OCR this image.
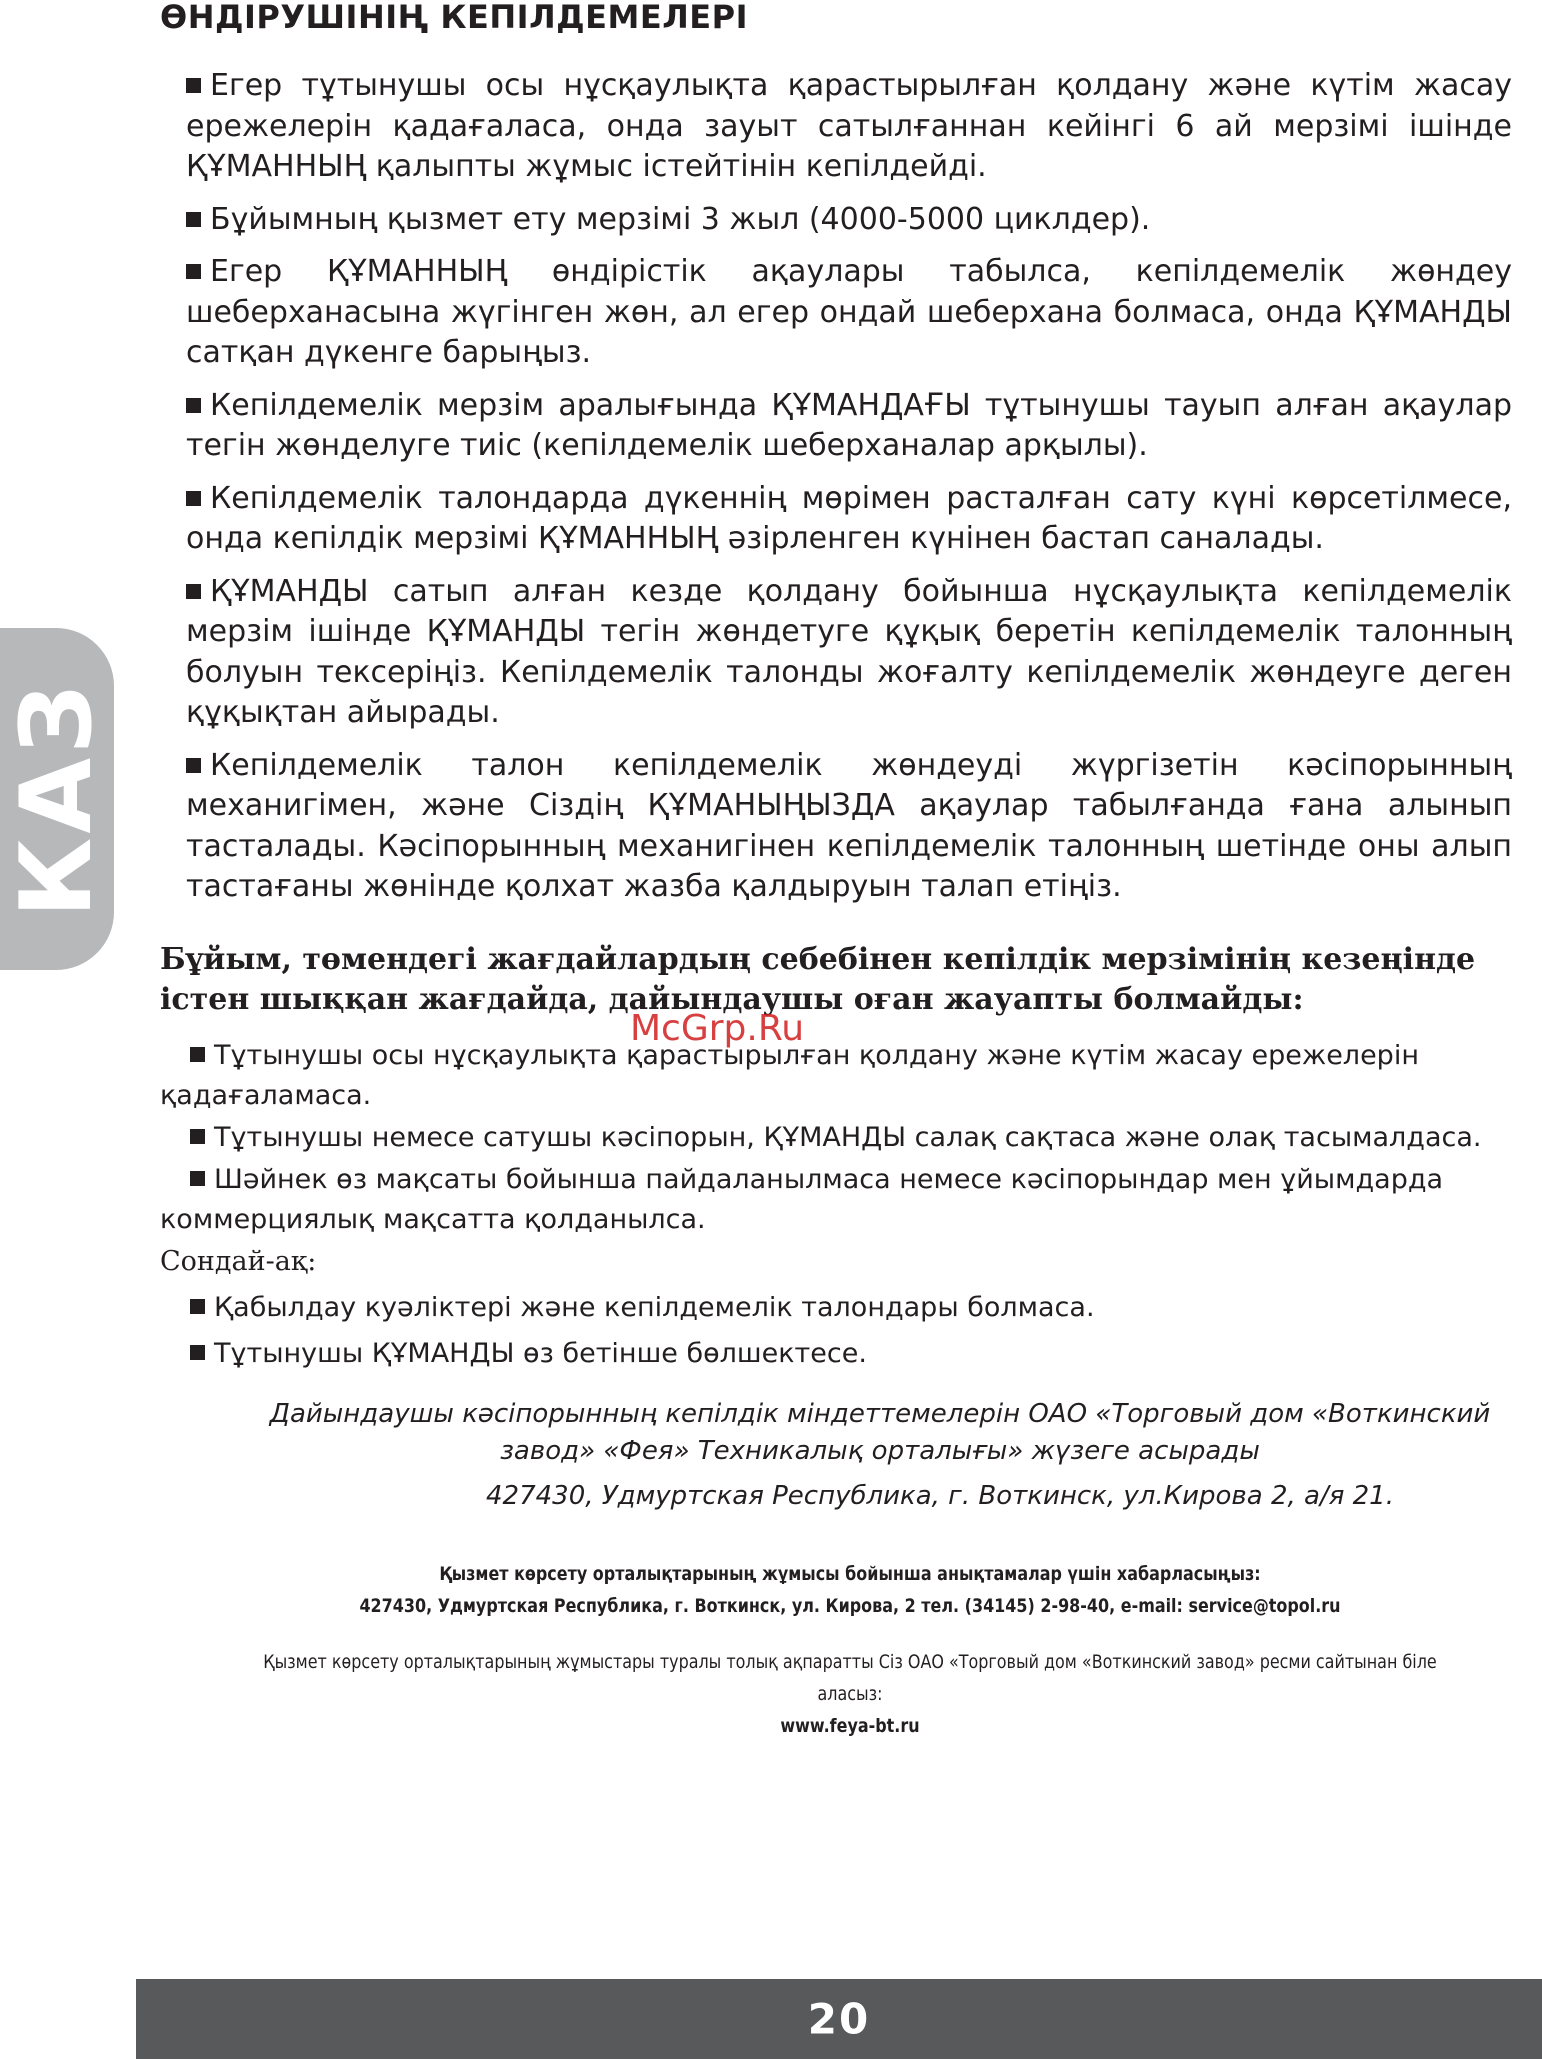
ӨНДІРУШІНІҢ КЕПІЛДЕМЕЛЕРІ
КАЗ

Егер тұтынушы осы нұсқаулықта қарастырылған қолдану және күтім жасау ережелерін қадағаласа, онда зауыт сатылғаннан кейінгі 6 ай мерзімі ішінде ҚҰМАННЫҢ қалыпты жұмыс істейтінін кепілдейді.

Бұйымның қызмет ету мерзімі 3 жыл (4000-5000 циклдер).

Егер ҚҰМАННЫҢ өндірістік ақаулары табылса, кепілдемелік жөндеу шеберханасына жүгінген жөн, ал егер ондай шеберхана болмаса, онда ҚҰМАНДЫ сатқан дүкенге барыңыз.

Кепілдемелік мерзім аралығында ҚҰМАНДАҒЫ тұтынушы тауып алған ақаулар тегін жөнделуге тиіс (кепілдемелік шеберханалар арқылы).

Кепілдемелік талондарда дүкеннің мөрімен расталған сату күні көрсетілмесе, онда кепілдік мерзімі ҚҰМАННЫҢ әзірленген күнінен бастап саналады.

ҚҰМАНДЫ сатып алған кезде қолдану бойынша нұсқаулықта кепілдемелік мерзім ішінде ҚҰМАНДЫ тегін жөндетуге құқық беретін кепілдемелік талонның болуын тексеріңіз. Кепілдемелік талонды жоғалту кепілдемелік жөндеуге деген құқықтан айырады.

Кепілдемелік талон кепілдемелік жөндеуді жүргізетін кәсіпорынның механигімен, және Сіздің ҚҰМАНЫҢЫЗДА ақаулар табылғанда ғана алынып тасталады. Кәсіпорынның механигінен кепілдемелік талонның шетінде оны алып тастағаны жөнінде қолхат жазба қалдыруын талап етіңіз.

Бұйым, төмендегі жағдайлардың себебінен кепілдік мерзімінің кезеңінде істен шыққан жағдайда, дайындаушы оған жауапты болмайды:
McGrp.Ru

Тұтынушы осы нұсқаулықта қарастырылған қолдану және күтім жасау ережелерін қадағаламаса.

Тұтынушы немесе сатушы кәсіпорын, ҚҰМАНДЫ салақ сақтаса және олақ тасымалдаса.

Шәйнек өз мақсаты бойынша пайдаланылмаса немесе кәсіпорындар мен ұйымдарда коммерциялық мақсатта қолданылса.

Сондай-ақ:

Қабылдау куәліктері және кепілдемелік талондары болмаса.

Тұтынушы ҚҰМАНДЫ өз бетінше бөлшектесе.

Дайындаушы кәсіпорынның кепілдік міндеттемелерін ОАО «Торговый дом «Воткинский завод» «Фея» Техникалық орталығы» жүзеге асырады

427430, Удмуртская Республика, г. Воткинск, ул.Кирова 2, а/я 21.

Қызмет көрсету орталықтарының жұмысы бойынша анықтамалар үшін хабарласыңыз:

427430, Удмуртская Республика, г. Воткинск, ул. Кирова, 2 тел. (34145) 2-98-40, e-mail: service@topol.ru

Қызмет көрсету орталықтарының жұмыстары туралы толық ақпаратты Сіз ОАО «Торговый дом «Воткинский завод» ресми сайтынан біле аласыз:

www.feya-bt.ru

20
